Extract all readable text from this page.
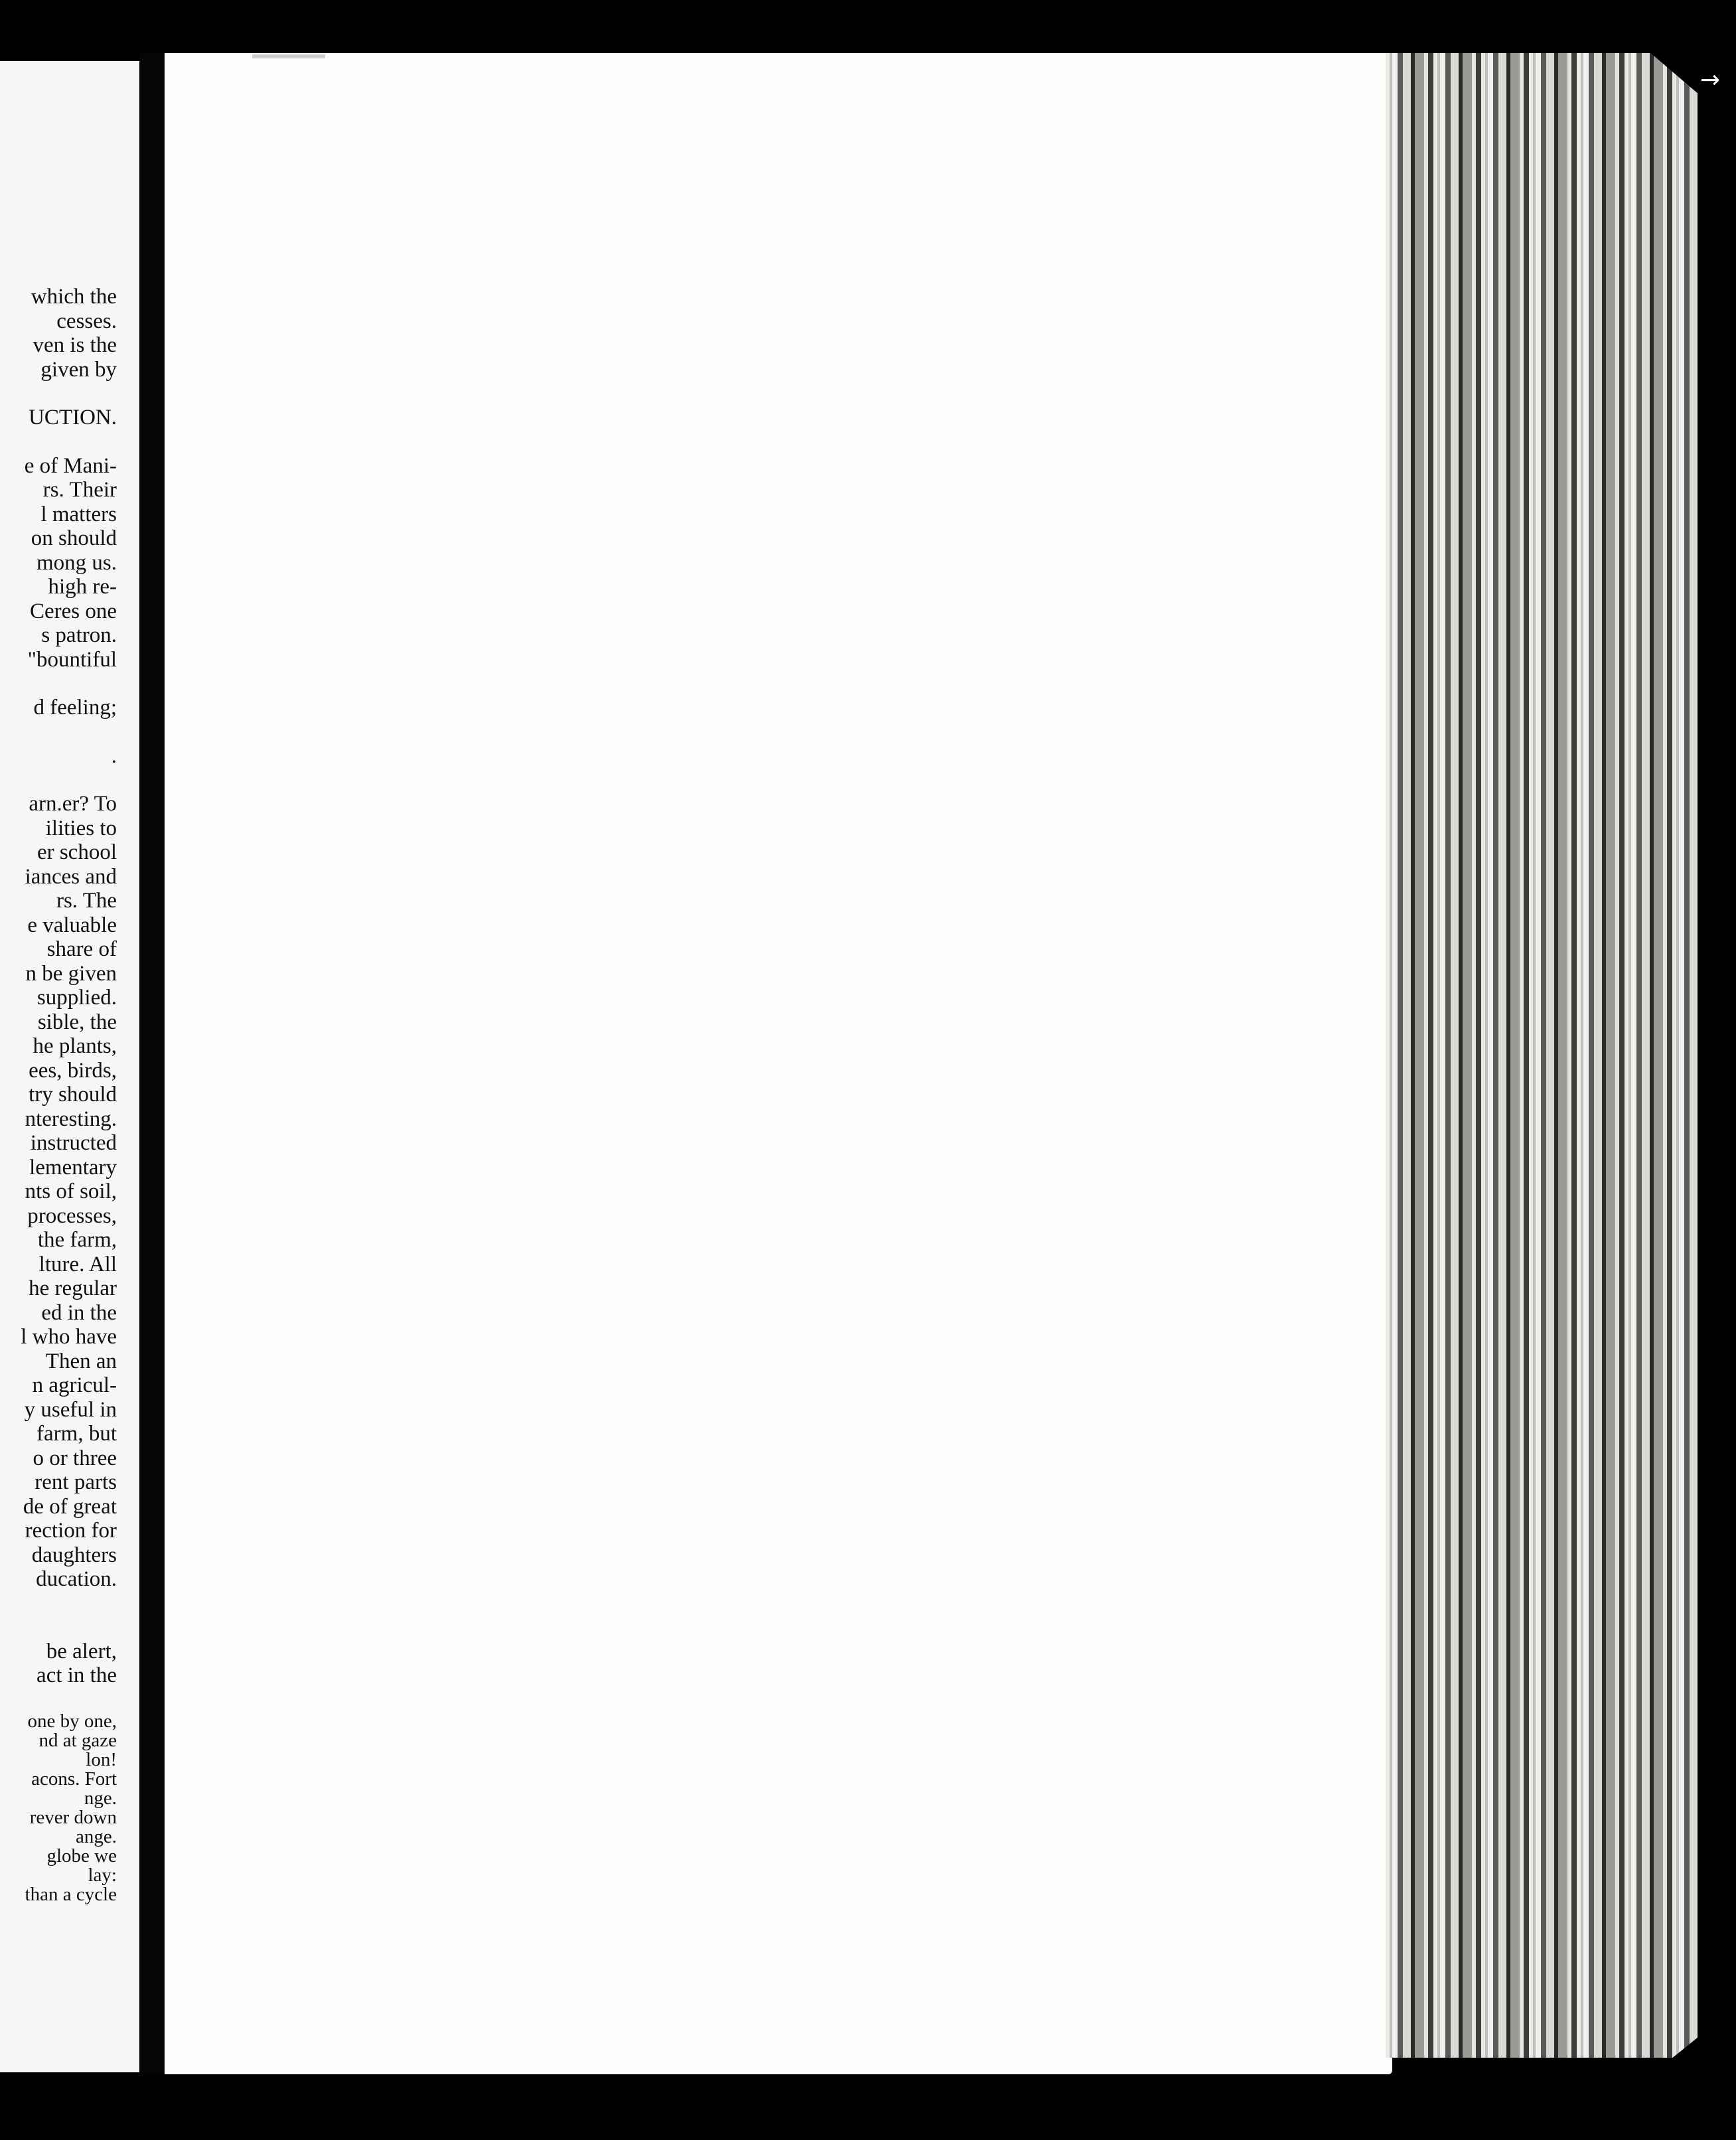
which the
cesses.
ven is the
given by
UCTION.
e of Mani-
rs. Their
l matters
on should
mong us.
high re-
Ceres one
s patron.
"bountiful
d feeling;
.
arn.er? To
ilities to
er school
iances and
rs. The
e valuable
share of
n be given
supplied.
sible, the
he plants,
ees, birds,
try should
nteresting.
instructed
lementary
nts of soil,
processes,
the farm,
lture. All
he regular
ed in the
l who have
Then an
n agricul-
y useful in
farm, but
o or three
rent parts
de of great
rection for
daughters
ducation.
be alert,
act in the
one by one,
nd at gaze
lon!
acons. Fort
nge.
rever down
ange.
globe we
lay:
than a cycle
→
